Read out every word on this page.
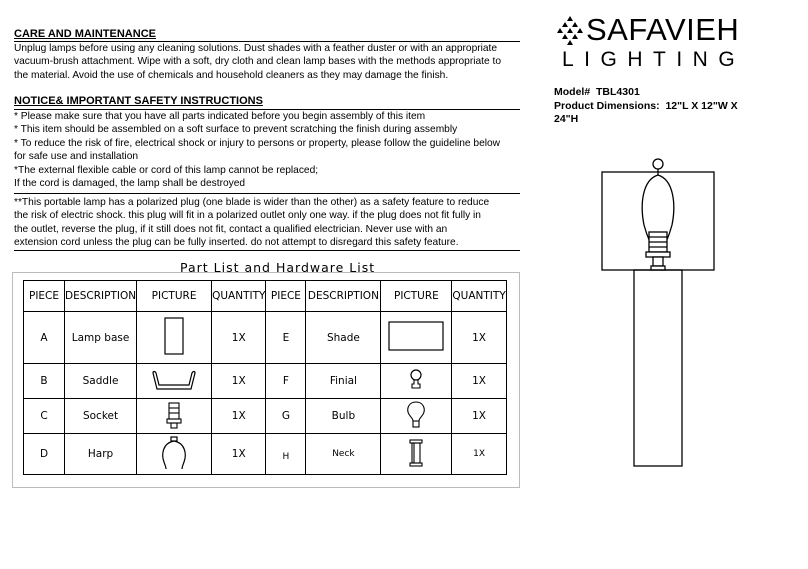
CARE AND MAINTENANCE
Unplug lamps before using any cleaning solutions. Dust shades with a feather duster or with an appropriate
vacuum-brush attachment. Wipe with a soft, dry cloth and clean lamp bases with the methods appropriate to
the material. Avoid the use of chemicals and household cleaners as they may damage the finish.
NOTICE& IMPORTANT SAFETY INSTRUCTIONS
* Please make sure that you have all parts indicated before you begin assembly of this item
* This item should be assembled on a soft surface to prevent scratching the finish during assembly
* To reduce the risk of fire, electrical shock or injury to persons or property, please follow the guideline below
for safe use and installation
*The external flexible cable or cord of this lamp cannot be replaced;
If the cord is damaged, the lamp shall be destroyed
**This portable lamp has a polarized plug (one blade is wider than the other) as a safety feature to reduce
the risk of electric shock. this plug will fit in a polarized outlet only one way. if the plug does not fit fully in
the outlet, reverse the plug, if it still does not fit, contact a qualified electrician. Never use with an
extension cord unless the plug can be fully inserted. do not attempt to disregard this safety feature.
SAFAVIEH
LIGHTING
Model# TBL4301
Product Dimensions: 12"L X 12"W X
24"H
Part List and Hardware List
PIECE	DESCRIPTION	PICTURE	QUANTITY	PIECE	DESCRIPTION	PICTURE	QUANTITY
A	Lamp base		1X	E	Shade		1X
B	Saddle		1X	F	Finial		1X
C	Socket		1X	G	Bulb		1X
D	Harp		1X	H	Neck		1X
